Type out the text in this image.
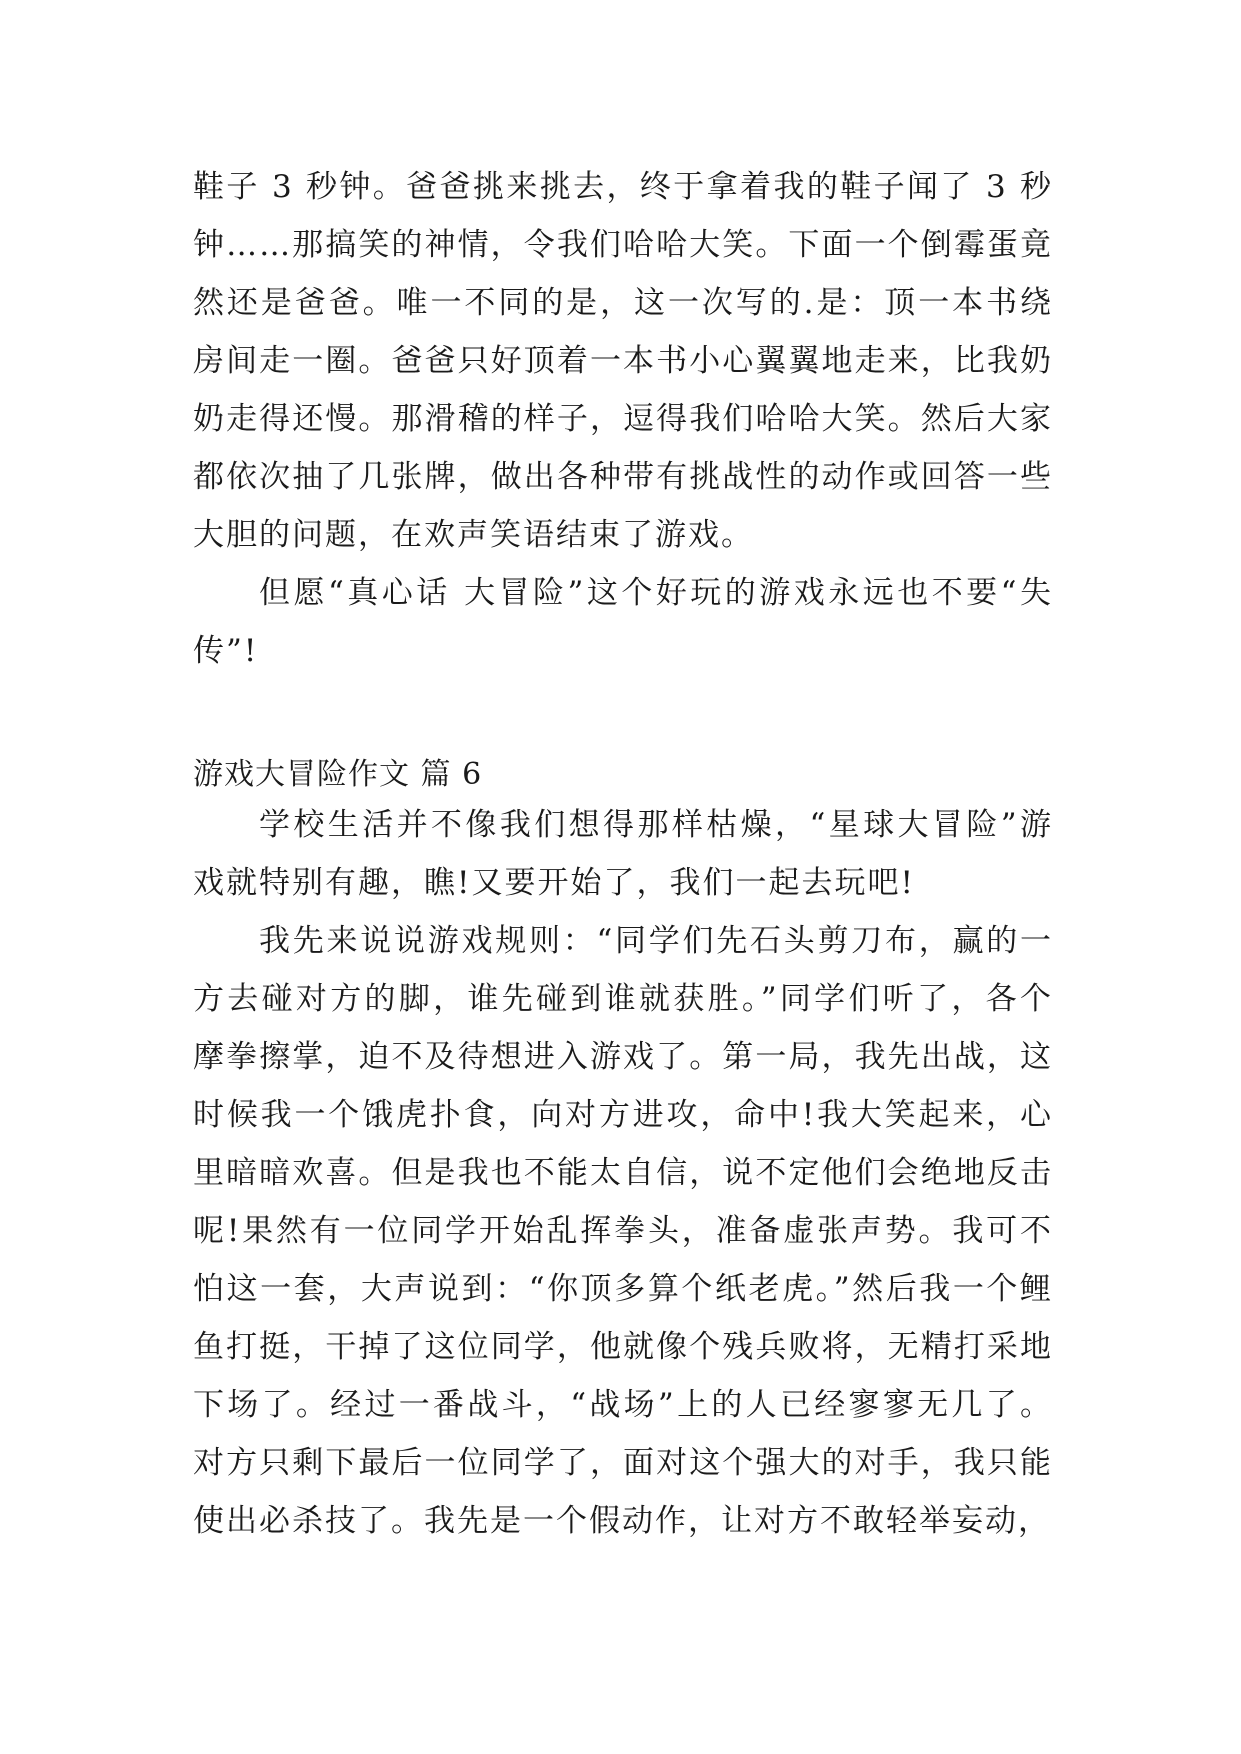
鞋子 3 秒钟。爸爸挑来挑去，终于拿着我的鞋子闻了 3 秒钟……那搞笑的神情，令我们哈哈大笑。下面一个倒霉蛋竟然还是爸爸。唯一不同的是，这一次写的.是：顶一本书绕房间走一圈。爸爸只好顶着一本书小心翼翼地走来，比我奶奶走得还慢。那滑稽的样子，逗得我们哈哈大笑。然后大家都依次抽了几张牌，做出各种带有挑战性的动作或回答一些大胆的问题，在欢声笑语结束了游戏。

但愿“真心话 大冒险”这个好玩的游戏永远也不要“失传”!

游戏大冒险作文 篇 6

学校生活并不像我们想得那样枯燥，“星球大冒险”游戏就特别有趣，瞧!又要开始了，我们一起去玩吧!

我先来说说游戏规则：“同学们先石头剪刀布，赢的一方去碰对方的脚，谁先碰到谁就获胜。”同学们听了，各个摩拳擦掌，迫不及待想进入游戏了。第一局，我先出战，这时候我一个饿虎扑食，向对方进攻，命中!我大笑起来，心里暗暗欢喜。但是我也不能太自信，说不定他们会绝地反击呢!果然有一位同学开始乱挥拳头，准备虚张声势。我可不怕这一套，大声说到：“你顶多算个纸老虎。”然后我一个鲤鱼打挺，干掉了这位同学，他就像个残兵败将，无精打采地下场了。经过一番战斗，“战场”上的人已经寥寥无几了。对方只剩下最后一位同学了，面对这个强大的对手，我只能使出必杀技了。我先是一个假动作，让对方不敢轻举妄动，
